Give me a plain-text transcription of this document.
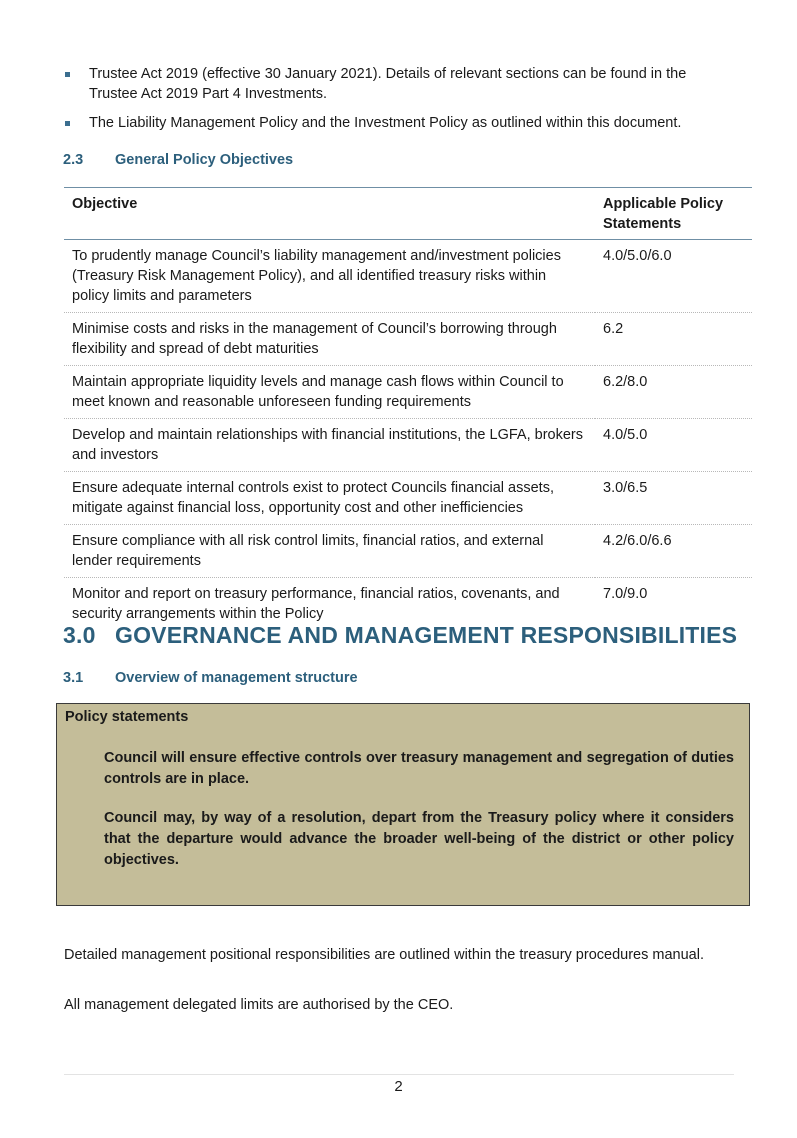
Trustee Act 2019 (effective 30 January 2021). Details of relevant sections can be found in the Trustee Act 2019 Part 4 Investments.
The Liability Management Policy and the Investment Policy as outlined within this document.
2.3 General Policy Objectives
Objective	Applicable Policy Statements
To prudently manage Council’s liability management and/investment policies (Treasury Risk Management Policy), and all identified treasury risks within policy limits and parameters	4.0/5.0/6.0
Minimise costs and risks in the management of Council’s borrowing through flexibility and spread of debt maturities	6.2
Maintain appropriate liquidity levels and manage cash flows within Council to meet known and reasonable unforeseen funding requirements	6.2/8.0
Develop and maintain relationships with financial institutions, the LGFA, brokers and investors	4.0/5.0
Ensure adequate internal controls exist to protect Councils financial assets, mitigate against financial loss, opportunity cost and other inefficiencies	3.0/6.5
Ensure compliance with all risk control limits, financial ratios, and external lender requirements	4.2/6.0/6.6
Monitor and report on treasury performance, financial ratios, covenants, and security arrangements within the Policy	7.0/9.0
3.0 GOVERNANCE AND MANAGEMENT RESPONSIBILITIES
3.1 Overview of management structure
Policy statements
Council will ensure effective controls over treasury management and segregation of duties controls are in place.
Council may, by way of a resolution, depart from the Treasury policy where it considers that the departure would advance the broader well-being of the district or other policy objectives.
Detailed management positional responsibilities are outlined within the treasury procedures manual.
All management delegated limits are authorised by the CEO.
2
